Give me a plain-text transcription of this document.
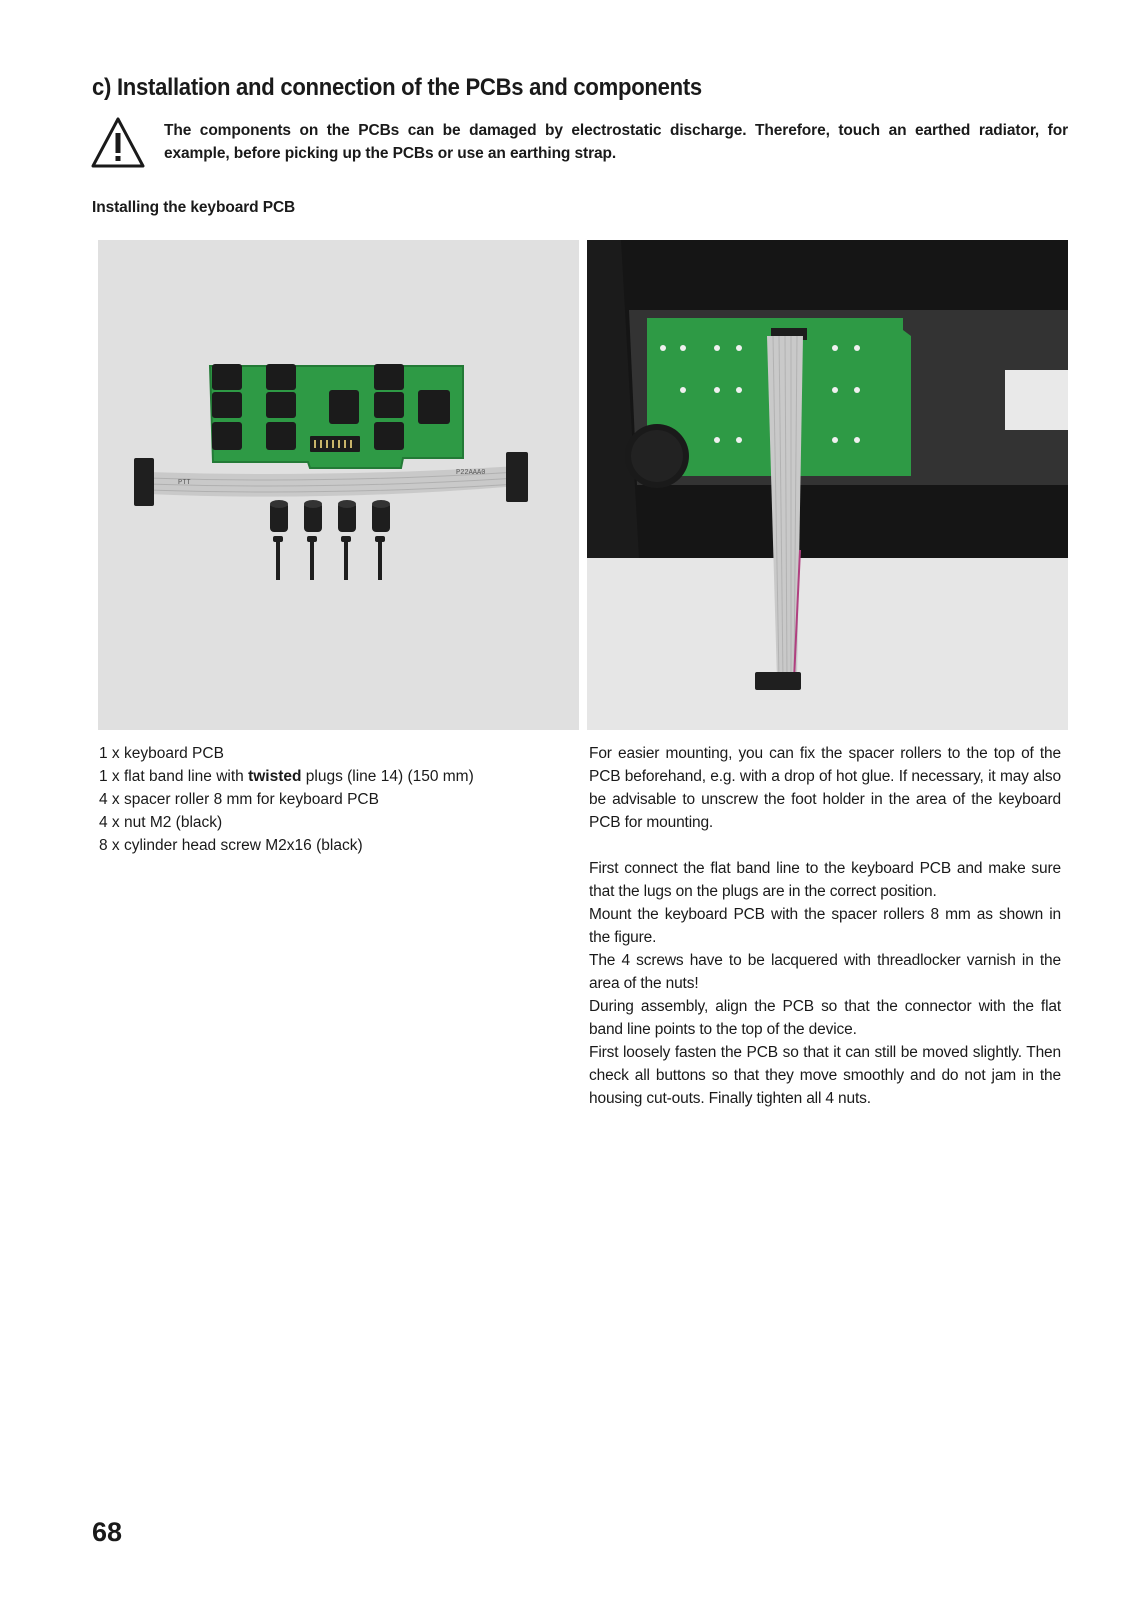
c) Installation and connection of the PCBs and components

The components on the PCBs can be damaged by electrostatic discharge. Therefore, touch an earthed radiator, for example, before picking up the PCBs or use an earthing strap.

Installing the keyboard PCB
PTT
P22AAA0
1 x keyboard PCB
1 x flat band line with twisted plugs (line 14) (150 mm)
4 x spacer roller 8 mm for keyboard PCB
4 x nut M2 (black)
8 x cylinder head screw M2x16 (black)

For easier mounting, you can fix the spacer rollers to the top of the PCB beforehand, e.g. with a drop of hot glue. If necessary, it may also be advisable to unscrew the foot holder in the area of the keyboard PCB for mounting.

First connect the flat band line to the keyboard PCB and make sure that the lugs on the plugs are in the correct position.

Mount the keyboard PCB with the spacer rollers 8 mm as shown in the figure.

The 4 screws have to be lacquered with threadlocker varnish in the area of the nuts!

During assembly, align the PCB so that the connector with the flat band line points to the top of the device.

First loosely fasten the PCB so that it can still be moved slightly. Then check all buttons so that they move smoothly and do not jam in the housing cut-outs. Finally tighten all 4 nuts.

68
